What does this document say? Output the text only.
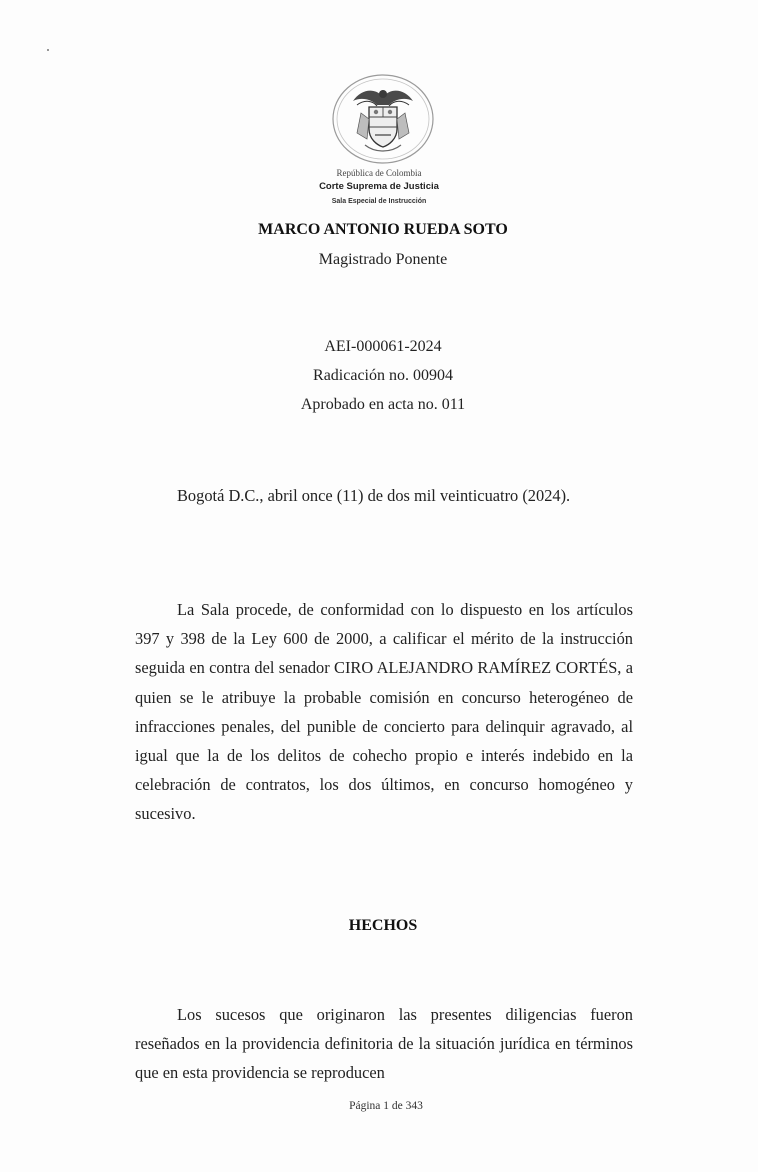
República de Colombia
Corte Suprema de Justicia
Sala Especial de Instrucción
MARCO ANTONIO RUEDA SOTO
Magistrado Ponente
AEI-000061-2024
Radicación no. 00904
Aprobado en acta no. 011

Bogotá D.C., abril once (11) de dos mil veinticuatro (2024).

La Sala procede, de conformidad con lo dispuesto en los artículos 397 y 398 de la Ley 600 de 2000, a calificar el mérito de la instrucción seguida en contra del senador CIRO ALEJANDRO RAMÍREZ CORTÉS, a quien se le atribuye la probable comisión en concurso heterogéneo de infracciones penales, del punible de concierto para delinquir agravado, al igual que la de los delitos de cohecho propio e interés indebido en la celebración de contratos, los dos últimos, en concurso homogéneo y sucesivo.

HECHOS

Los sucesos que originaron las presentes diligencias fueron reseñados en la providencia definitoria de la situación jurídica en términos que en esta providencia se reproducen

Página 1 de 343
